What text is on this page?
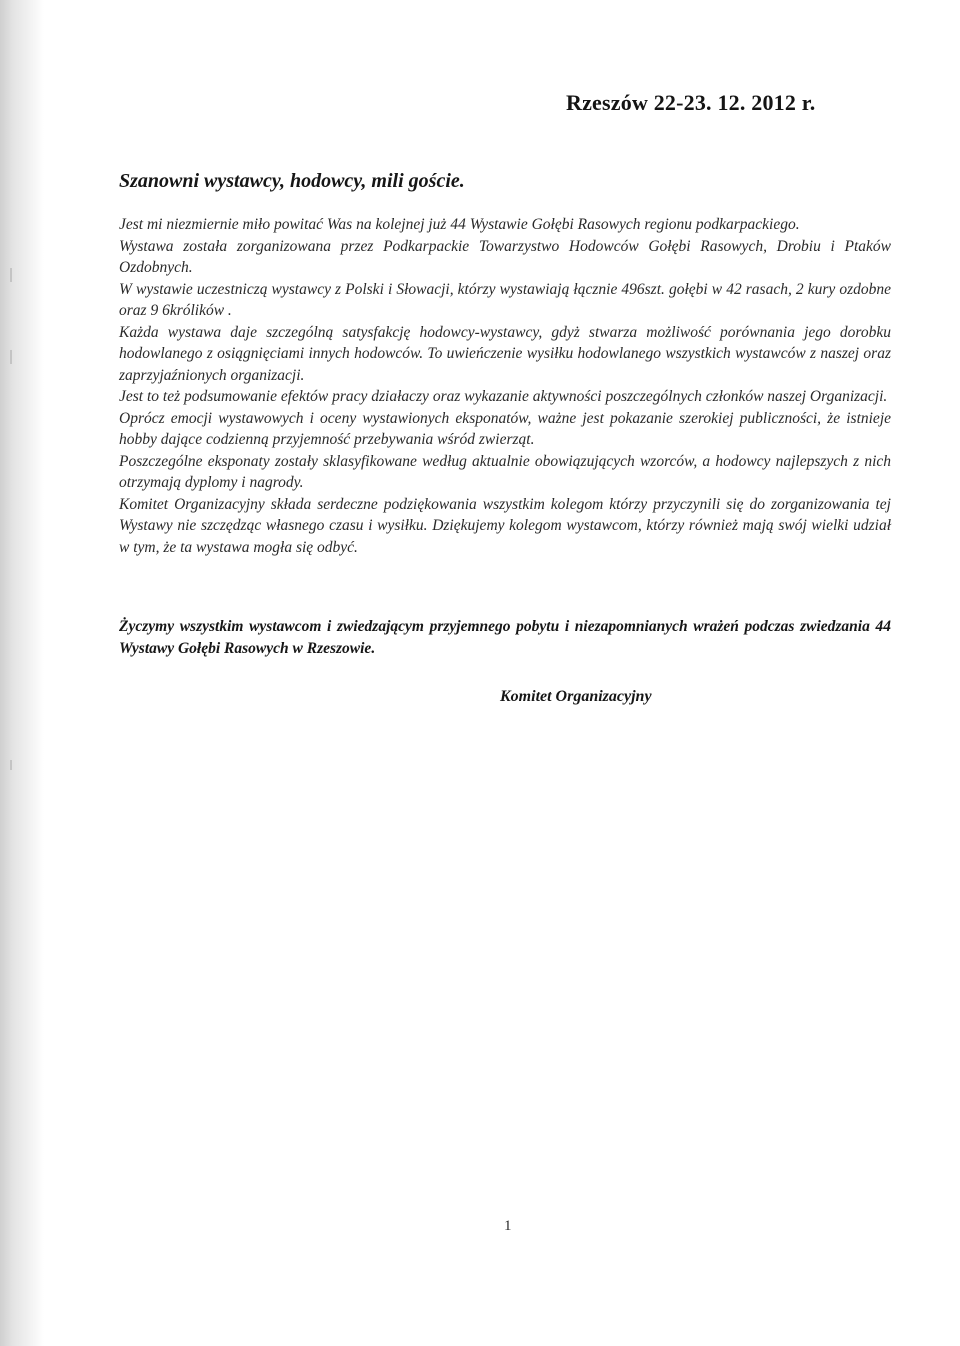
Rzeszów 22-23. 12. 2012 r.
Szanowni wystawcy, hodowcy, mili goście.

Jest mi niezmiernie miło powitać Was na kolejnej już 44 Wystawie Gołębi Rasowych regionu podkarpackiego.

Wystawa została zorganizowana przez Podkarpackie Towarzystwo Hodowców Gołębi Rasowych, Drobiu i Ptaków Ozdobnych.

W wystawie uczestniczą wystawcy z Polski i Słowacji, którzy wystawiają łącznie 496szt. gołębi w 42 rasach, 2 kury ozdobne oraz 9 6królików .

Każda wystawa daje szczególną satysfakcję hodowcy-wystawcy, gdyż stwarza możliwość porównania jego dorobku hodowlanego z osiągnięciami innych hodowców. To uwieńczenie wysiłku hodowlanego wszystkich wystawców z naszej oraz zaprzyjaźnionych organizacji.

Jest to też podsumowanie efektów pracy działaczy oraz wykazanie aktywności poszczególnych członków naszej Organizacji.

Oprócz emocji wystawowych i oceny wystawionych eksponatów, ważne jest pokazanie szerokiej publiczności, że istnieje hobby dające codzienną przyjemność przebywania wśród zwierząt.

Poszczególne eksponaty zostały sklasyfikowane według aktualnie obowiązujących wzorców, a hodowcy najlepszych z nich otrzymają dyplomy i nagrody.

Komitet Organizacyjny składa serdeczne podziękowania wszystkim kolegom którzy przyczynili się do zorganizowania tej Wystawy nie szczędząc własnego czasu i wysiłku. Dziękujemy kolegom wystawcom, którzy również mają swój wielki udział w tym, że ta wystawa mogła się odbyć.

Życzymy wszystkim wystawcom i zwiedzającym przyjemnego pobytu i niezapomnianych wrażeń podczas zwiedzania 44 Wystawy Gołębi Rasowych w Rzeszowie.
Komitet Organizacyjny
1
